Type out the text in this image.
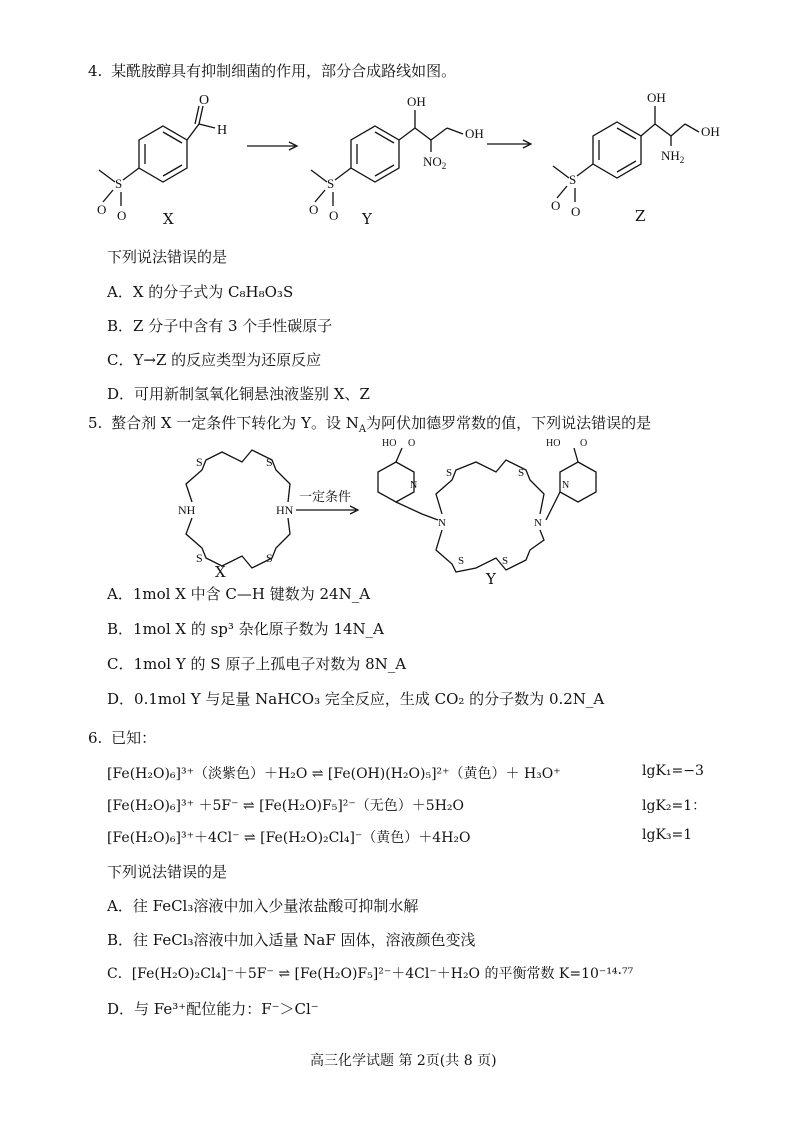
4. 某酰胺醇具有抑制细菌的作用，部分合成路线如图。
O
H
S
O O
OH
$NO_2$
OH
S
O O
OH
$NH_2$
OH
S
O O
X	Y	Z
下列说法错误的是
A．X 的分子式为 C₈H₈O₃S
B．Z 分子中含有 3 个手性碳原子
C．Y→Z 的反应类型为还原反应
D．可用新制氢氧化铜悬浊液鉴别 X、Z
5. 螯合剂 X 一定条件下转化为 Y。设 $N_A$为阿伏加德罗常数的值，下列说法错误的是
S	S
S	S
NH	HN
S	S
S	S
N	N
N
HO O
N
HO O
一定条件
X	Y
A．1mol X 中含 C—H 键数为 24N_A
B．1mol X 的 sp³ 杂化原子数为 14N_A
C．1mol Y 的 S 原子上孤电子对数为 8N_A
D．0.1mol Y 与足量 NaHCO₃ 完全反应，生成 CO₂ 的分子数为 0.2N_A
6. 已知：
[Fe(H₂O)₆]³⁺（淡紫色）＋H₂O ⇌ [Fe(OH)(H₂O)₅]²⁺（黄色）＋ H₃O⁺	lgK₁=−3
[Fe(H₂O)₆]³⁺ ＋5F⁻ ⇌ [Fe(H₂O)F₅]²⁻（无色）＋5H₂O	lgK₂=1：
[Fe(H₂O)₆]³⁺＋4Cl⁻ ⇌ [Fe(H₂O)₂Cl₄]⁻（黄色）＋4H₂O	lgK₃=1
下列说法错误的是
A．往 FeCl₃溶液中加入少量浓盐酸可抑制水解
B．往 FeCl₃溶液中加入适量 NaF 固体，溶液颜色变浅
C．[Fe(H₂O)₂Cl₄]⁻＋5F⁻ ⇌ [Fe(H₂O)F₅]²⁻＋4Cl⁻＋H₂O 的平衡常数 K=10⁻¹⁴·⁷⁷
D．与 Fe³⁺配位能力：F⁻＞Cl⁻
高三化学试题 第 2页(共 8 页)
